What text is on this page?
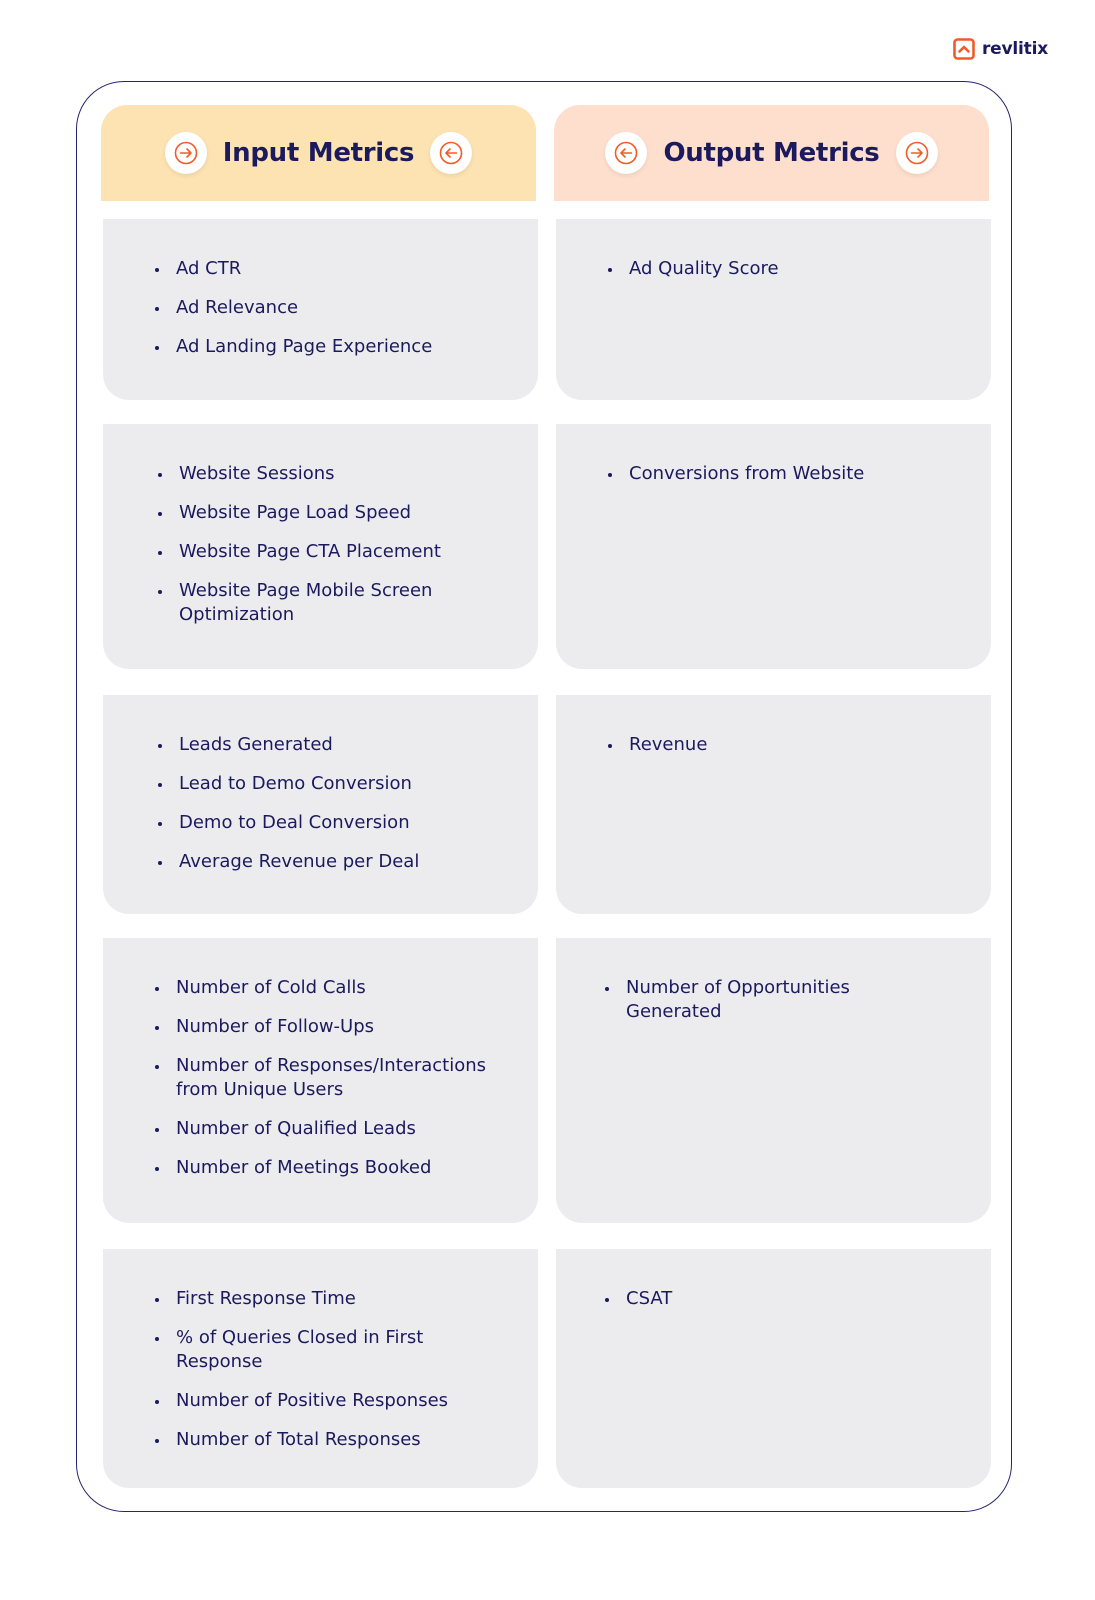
revlitix
Input Metrics	Output Metrics
Ad CTR
Ad Relevance
Ad Landing Page Experience
Ad Quality Score
Website Sessions
Website Page Load Speed
Website Page CTA Placement
Website Page Mobile Screen Optimization
Conversions from Website
Leads Generated
Lead to Demo Conversion
Demo to Deal Conversion
Average Revenue per Deal
Revenue
Number of Cold Calls
Number of Follow-Ups
Number of Responses/Interactions from Unique Users
Number of Qualified Leads
Number of Meetings Booked
Number of Opportunities Generated
First Response Time
% of Queries Closed in First Response
Number of Positive Responses
Number of Total Responses
CSAT
